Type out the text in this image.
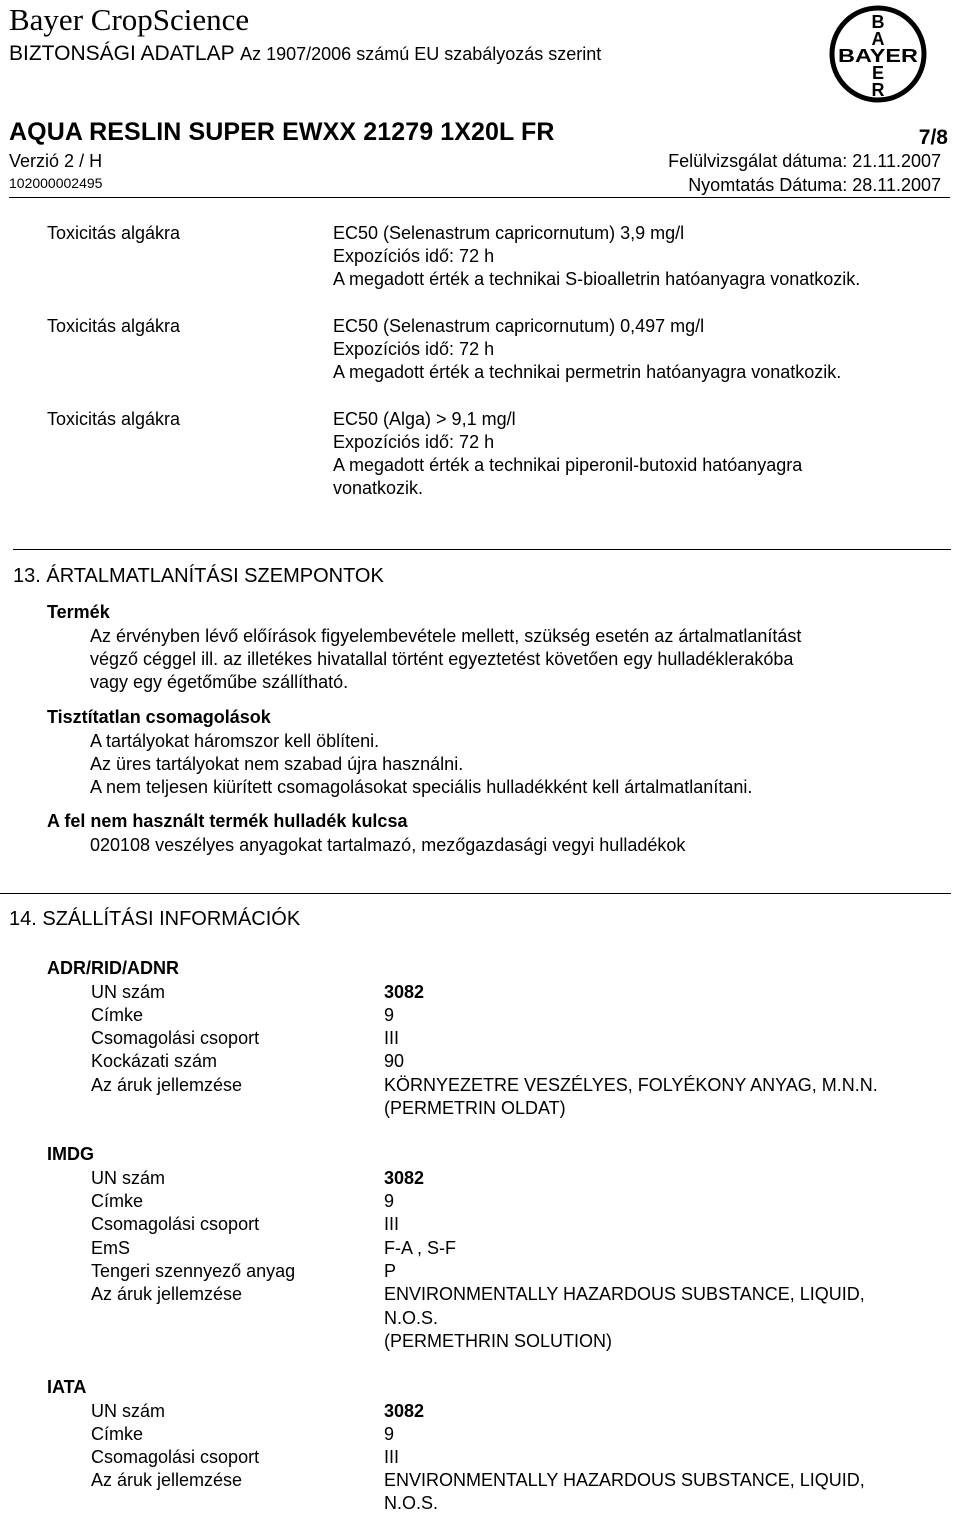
Bayer CropScience
BIZTONSÁGI ADATLAP Az 1907/2006 számú EU szabályozás szerint
B
A
BAYER
E
R
AQUA RESLIN SUPER EWXX 21279 1X20L FR	7/8
Verzió 2 / H	Felülvizsgálat dátuma: 21.11.2007
102000002495	Nyomtatás Dátuma: 28.11.2007
Toxicitás algákra	EC50 (Selenastrum capricornutum) 3,9 mg/l
Expozíciós idő: 72 h
A megadott érték a technikai S-bioalletrin hatóanyagra vonatkozik.
Toxicitás algákra	EC50 (Selenastrum capricornutum) 0,497 mg/l
Expozíciós idő: 72 h
A megadott érték a technikai permetrin hatóanyagra vonatkozik.
Toxicitás algákra	EC50 (Alga) > 9,1 mg/l
Expozíciós idő: 72 h
A megadott érték a technikai piperonil-butoxid hatóanyagra
vonatkozik.
13. ÁRTALMATLANÍTÁSI SZEMPONTOK
Termék
Az érvényben lévő előírások figyelembevétele mellett, szükség esetén az ártalmatlanítást
végző céggel ill. az illetékes hivatallal történt egyeztetést követően egy hulladéklerakóba
vagy egy égetőműbe szállítható.
Tisztítatlan csomagolások
A tartályokat háromszor kell öblíteni.
Az üres tartályokat nem szabad újra használni.
A nem teljesen kiürített csomagolásokat speciális hulladékként kell ártalmatlanítani.
A fel nem használt termék hulladék kulcsa
020108 veszélyes anyagokat tartalmazó, mezőgazdasági vegyi hulladékok
14. SZÁLLÍTÁSI INFORMÁCIÓK
ADR/RID/ADNR
UN szám	3082
Címke	9
Csomagolási csoport	III
Kockázati szám	90
Az áruk jellemzése	KÖRNYEZETRE VESZÉLYES, FOLYÉKONY ANYAG, M.N.N.
(PERMETRIN OLDAT)
IMDG
UN szám	3082
Címke	9
Csomagolási csoport	III
EmS	F-A , S-F
Tengeri szennyező anyag	P
Az áruk jellemzése	ENVIRONMENTALLY HAZARDOUS SUBSTANCE, LIQUID,
N.O.S.
(PERMETHRIN SOLUTION)
IATA
UN szám	3082
Címke	9
Csomagolási csoport	III
Az áruk jellemzése	ENVIRONMENTALLY HAZARDOUS SUBSTANCE, LIQUID,
N.O.S.
